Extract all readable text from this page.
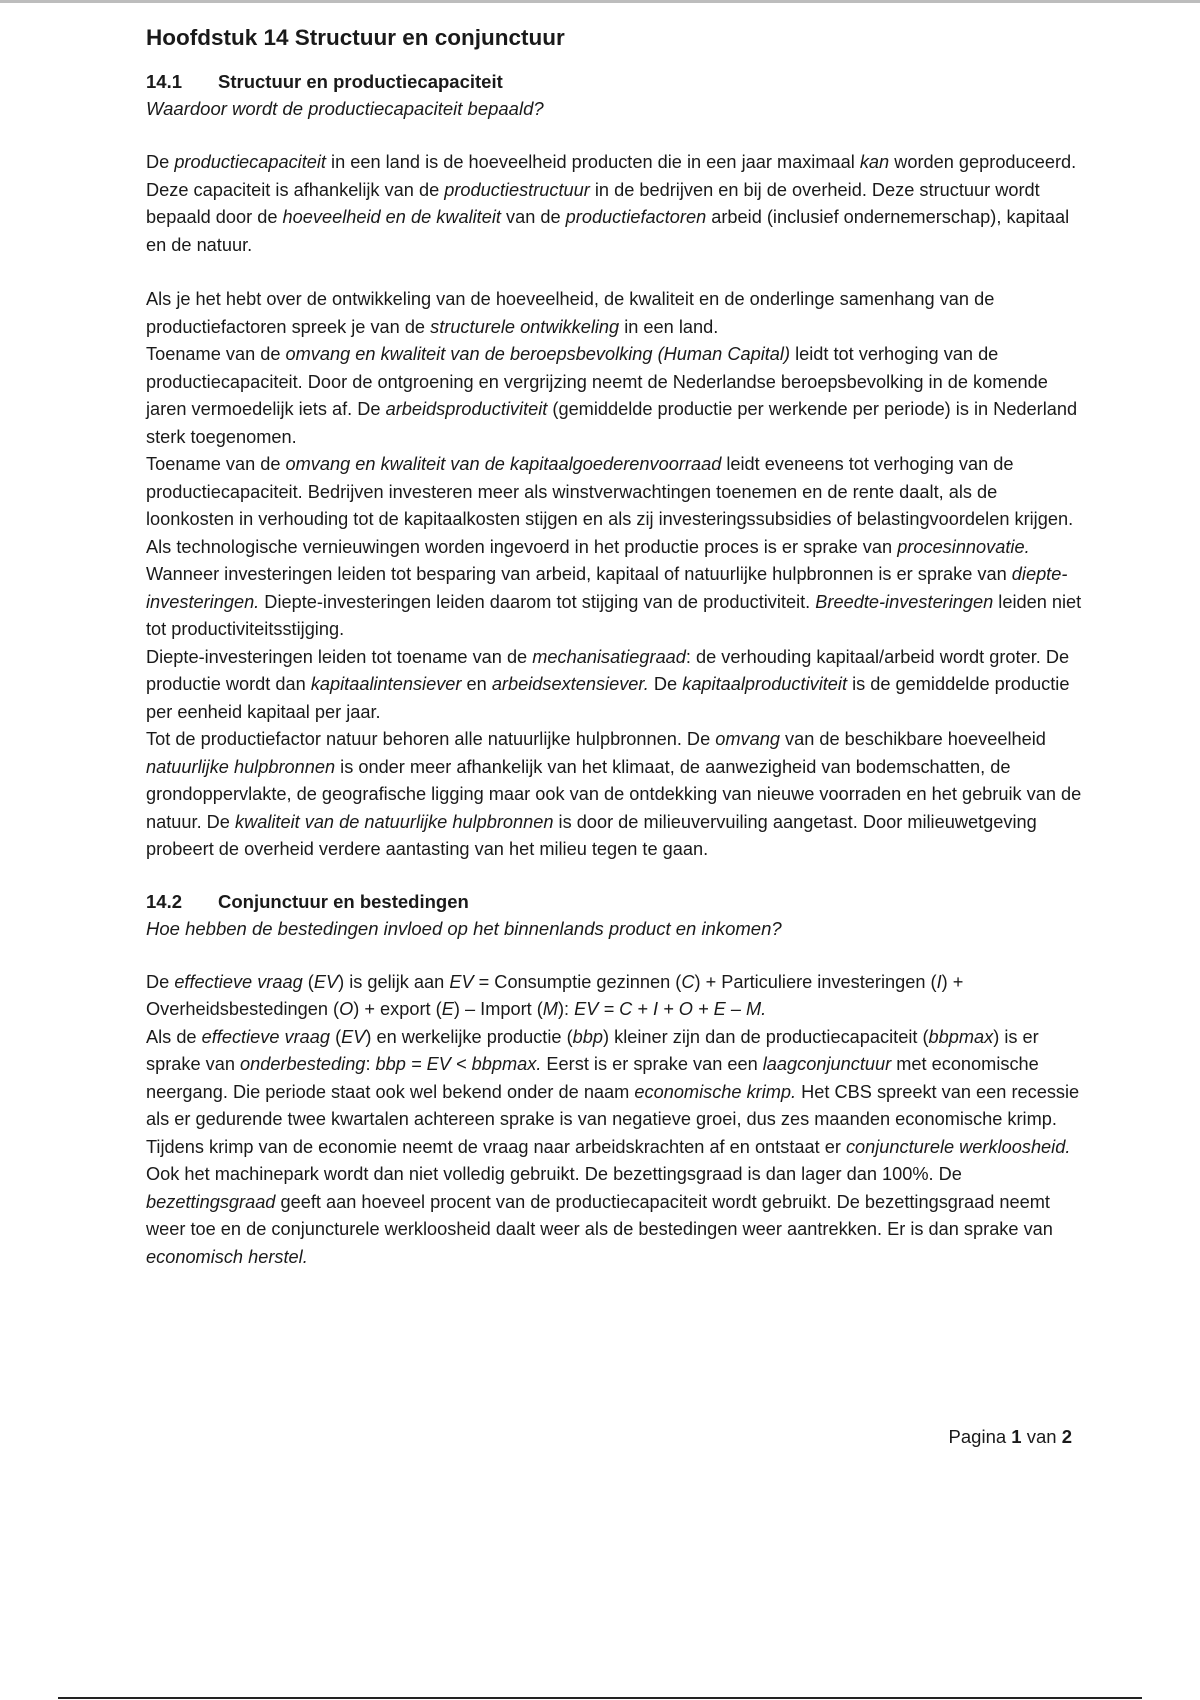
Hoofdstuk 14 Structuur en conjunctuur
14.1 Structuur en productiecapaciteit

Waardoor wordt de productiecapaciteit bepaald?

De productiecapaciteit in een land is de hoeveelheid producten die in een jaar maximaal kan worden geproduceerd. Deze capaciteit is afhankelijk van de productiestructuur in de bedrijven en bij de overheid. Deze structuur wordt bepaald door de hoeveelheid en de kwaliteit van de productiefactoren arbeid (inclusief ondernemerschap), kapitaal en de natuur.

Als je het hebt over de ontwikkeling van de hoeveelheid, de kwaliteit en de onderlinge samenhang van de productiefactoren spreek je van de structurele ontwikkeling in een land.

Toename van de omvang en kwaliteit van de beroepsbevolking (Human Capital) leidt tot verhoging van de productiecapaciteit. Door de ontgroening en vergrijzing neemt de Nederlandse beroepsbevolking in de komende jaren vermoedelijk iets af. De arbeidsproductiviteit (gemiddelde productie per werkende per periode) is in Nederland sterk toegenomen.

Toename van de omvang en kwaliteit van de kapitaalgoederenvoorraad leidt eveneens tot verhoging van de productiecapaciteit. Bedrijven investeren meer als winstverwachtingen toenemen en de rente daalt, als de loonkosten in verhouding tot de kapitaalkosten stijgen en als zij investeringssubsidies of belastingvoordelen krijgen.

Als technologische vernieuwingen worden ingevoerd in het productie proces is er sprake van procesinnovatie. Wanneer investeringen leiden tot besparing van arbeid, kapitaal of natuurlijke hulpbronnen is er sprake van diepte-investeringen. Diepte-investeringen leiden daarom tot stijging van de productiviteit. Breedte-investeringen leiden niet tot productiviteitsstijging.

Diepte-investeringen leiden tot toename van de mechanisatiegraad: de verhouding kapitaal/arbeid wordt groter. De productie wordt dan kapitaalintensiever en arbeidsextensiever. De kapitaalproductiviteit is de gemiddelde productie per eenheid kapitaal per jaar.

Tot de productiefactor natuur behoren alle natuurlijke hulpbronnen. De omvang van de beschikbare hoeveelheid natuurlijke hulpbronnen is onder meer afhankelijk van het klimaat, de aanwezigheid van bodemschatten, de grondoppervlakte, de geografische ligging maar ook van de ontdekking van nieuwe voorraden en het gebruik van de natuur. De kwaliteit van de natuurlijke hulpbronnen is door de milieuvervuiling aangetast. Door milieuwetgeving probeert de overheid verdere aantasting van het milieu tegen te gaan.

14.2 Conjunctuur en bestedingen

Hoe hebben de bestedingen invloed op het binnenlands product en inkomen?

De effectieve vraag (EV) is gelijk aan EV = Consumptie gezinnen (C) + Particuliere investeringen (I) + Overheidsbestedingen (O) + export (E) – Import (M): EV = C + I + O + E – M.

Als de effectieve vraag (EV) en werkelijke productie (bbp) kleiner zijn dan de productiecapaciteit (bbpmax) is er sprake van onderbesteding: bbp = EV < bbpmax. Eerst is er sprake van een laagconjunctuur met economische neergang. Die periode staat ook wel bekend onder de naam economische krimp. Het CBS spreekt van een recessie als er gedurende twee kwartalen achtereen sprake is van negatieve groei, dus zes maanden economische krimp. Tijdens krimp van de economie neemt de vraag naar arbeidskrachten af en ontstaat er conjuncturele werkloosheid. Ook het machinepark wordt dan niet volledig gebruikt. De bezettingsgraad is dan lager dan 100%. De bezettingsgraad geeft aan hoeveel procent van de productiecapaciteit wordt gebruikt. De bezettingsgraad neemt weer toe en de conjuncturele werkloosheid daalt weer als de bestedingen weer aantrekken. Er is dan sprake van economisch herstel.

Pagina 1 van 2
